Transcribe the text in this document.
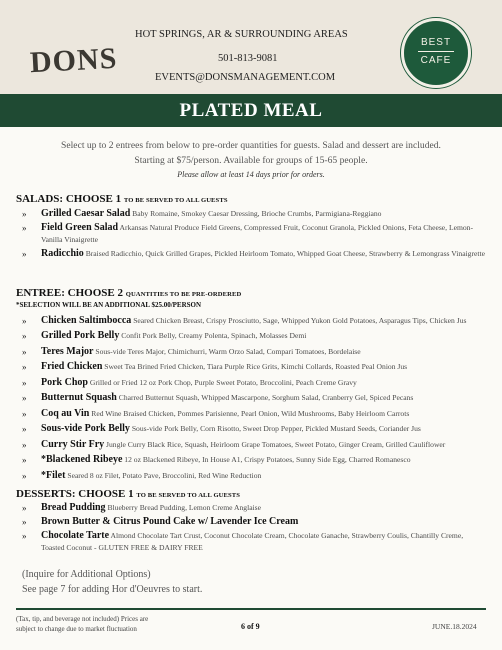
DONS
HOT SPRINGS, AR & SURROUNDING AREAS
501-813-9081
EVENTS@DONSMANAGEMENT.COM
BEST
CAFE
PLATED MEAL
Select up to 2 entrees from below to pre-order quantities for guests. Salad and dessert are included.
Starting at $75/person. Available for groups of 15-65 people.
Please allow at least 14 days prior for orders.
SALADS: CHOOSE 1 TO BE SERVED TO ALL GUESTS
» Grilled Caesar Salad Baby Romaine, Smokey Caesar Dressing, Brioche Crumbs, Parmigiana-Reggiano
» Field Green Salad Arkansas Natural Produce Field Greens, Compressed Fruit, Coconut Granola, Pickled Onions, Feta Cheese, Lemon-Vanilla Vinaigrette
» Radicchio Braised Radicchio, Quick Grilled Grapes, Pickled Heirloom Tomato, Whipped Goat Cheese, Strawberry & Lemongrass Vinaigrette
ENTREE: CHOOSE 2 QUANTITIES TO BE PRE-ORDERED
*SELECTION WILL BE AN ADDITIONAL $25.00/PERSON
» Chicken Saltimbocca Seared Chicken Breast, Crispy Prosciutto, Sage, Whipped Yukon Gold Potatoes, Asparagus Tips, Chicken Jus
» Grilled Pork Belly Confit Pork Belly, Creamy Polenta, Spinach, Molasses Demi
» Teres Major Sous-vide Teres Major, Chimichurri, Warm Orzo Salad, Compari Tomatoes, Bordelaise
» Fried Chicken Sweet Tea Brined Fried Chicken, Tiara Purple Rice Grits, Kimchi Collards, Roasted Peal Onion Jus
» Pork Chop Grilled or Fried 12 oz Pork Chop, Purple Sweet Potato, Broccolini, Peach Creme Gravy
» Butternut Squash Charred Butternut Squash, Whipped Mascarpone, Sorghum Salad, Cranberry Gel, Spiced Pecans
» Coq au Vin Red Wine Braised Chicken, Pommes Parisienne, Pearl Onion, Wild Mushrooms, Baby Heirloom Carrots
» Sous-vide Pork Belly Sous-vide Pork Belly, Corn Risotto, Sweet Drop Pepper, Pickled Mustard Seeds, Coriander Jus
» Curry Stir Fry Jungle Curry Black Rice, Squash, Heirloom Grape Tomatoes, Sweet Potato, Ginger Cream, Grilled Cauliflower
» *Blackened Ribeye 12 oz Blackened Ribeye, In House A1, Crispy Potatoes, Sunny Side Egg, Charred Romanesco
» *Filet Seared 8 oz Filet, Potato Pave, Broccolini, Red Wine Reduction
DESSERTS: CHOOSE 1 TO BE SERVED TO ALL GUESTS
» Bread Pudding Blueberry Bread Pudding, Lemon Creme Anglaise
» Brown Butter & Citrus Pound Cake w/ Lavender Ice Cream
» Chocolate Tarte Almond Chocolate Tart Crust, Coconut Chocolate Cream, Chocolate Ganache, Strawberry Coulis, Chantilly Creme, Toasted Coconut - GLUTEN FREE & DAIRY FREE
(Inquire for Additional Options)
See page 7 for adding Hor d'Oeuvres to start.
(Tax, tip, and beverage not included) Prices are
subject to change due to market fluctuation	6 of 9	JUNE.18.2024
